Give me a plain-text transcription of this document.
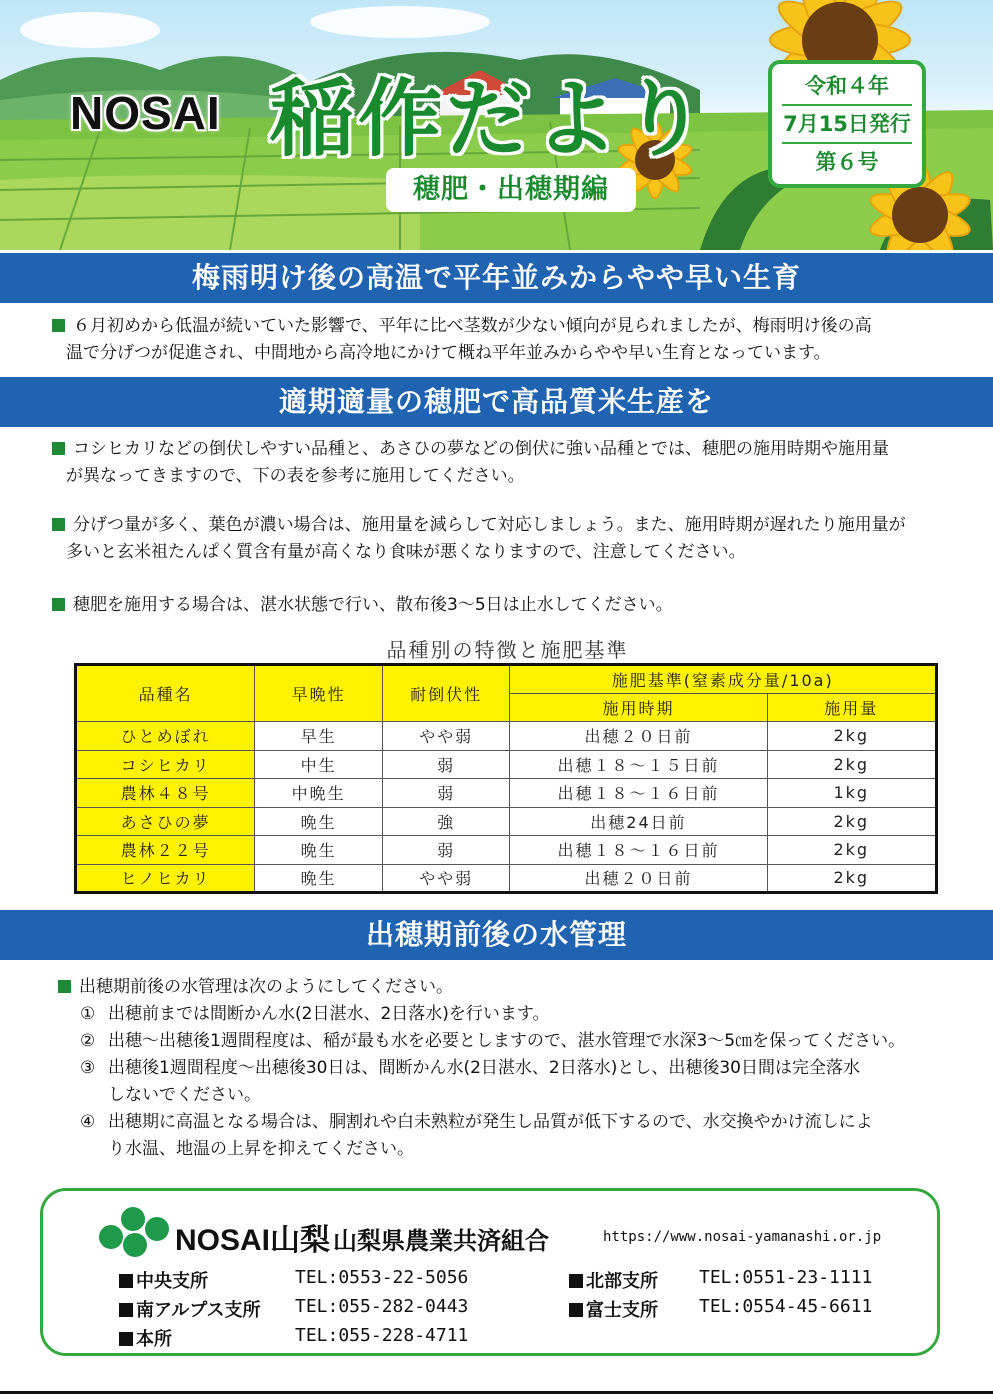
NOSAI 稲作だより
穂肥・出穂期編
令和４年
7月15日発行
第６号
梅雨明け後の高温で平年並みからやや早い生育
６月初めから低温が続いていた影響で、平年に比べ茎数が少ない傾向が見られましたが、梅雨明け後の高
温で分げつが促進され、中間地から高冷地にかけて概ね平年並みからやや早い生育となっています。
適期適量の穂肥で高品質米生産を
コシヒカリなどの倒伏しやすい品種と、あさひの夢などの倒伏に強い品種とでは、穂肥の施用時期や施用量
が異なってきますので、下の表を参考に施用してください。
分げつ量が多く、葉色が濃い場合は、施用量を減らして対応しましょう。また、施用時期が遅れたり施用量が
多いと玄米祖たんぱく質含有量が高くなり食味が悪くなりますので、注意してください。
穂肥を施用する場合は、湛水状態で行い、散布後3～5日は止水してください。
品種別の特徴と施肥基準
品種名	早晩性	耐倒伏性	施肥基準(窒素成分量/10a)	
			施用時期	施用量
ひとめぼれ	早生	やや弱	出穂２０日前	2kg
コシヒカリ	中生	弱	出穂１８～１５日前	2kg
農林４８号	中晩生	弱	出穂１８～１６日前	1kg
あさひの夢	晩生	強	出穂24日前	2kg
農林２２号	晩生	弱	出穂１８～１６日前	2kg
ヒノヒカリ	晩生	やや弱	出穂２０日前	2kg
出穂期前後の水管理
出穂期前後の水管理は次のようにしてください。
① 出穂前までは間断かん水(2日湛水、2日落水)を行います。
② 出穂～出穂後1週間程度は、稲が最も水を必要としますので、湛水管理で水深3～5㎝を保ってください。
③ 出穂後1週間程度～出穂後30日は、間断かん水(2日湛水、2日落水)とし、出穂後30日間は完全落水
しないでください。
④ 出穂期に高温となる場合は、胴割れや白未熟粒が発生し品質が低下するので、水交換やかけ流しによ
り水温、地温の上昇を抑えてください。
NOSAI山梨 山梨県農業共済組合	https://www.nosai-yamanashi.or.jp
中央支所	TEL:0553-22-5056
南アルプス支所 TEL:055-282-0443
本所	TEL:055-228-4711
北部支所 TEL:0551-23-1111
富士支所 TEL:0554-45-6611
